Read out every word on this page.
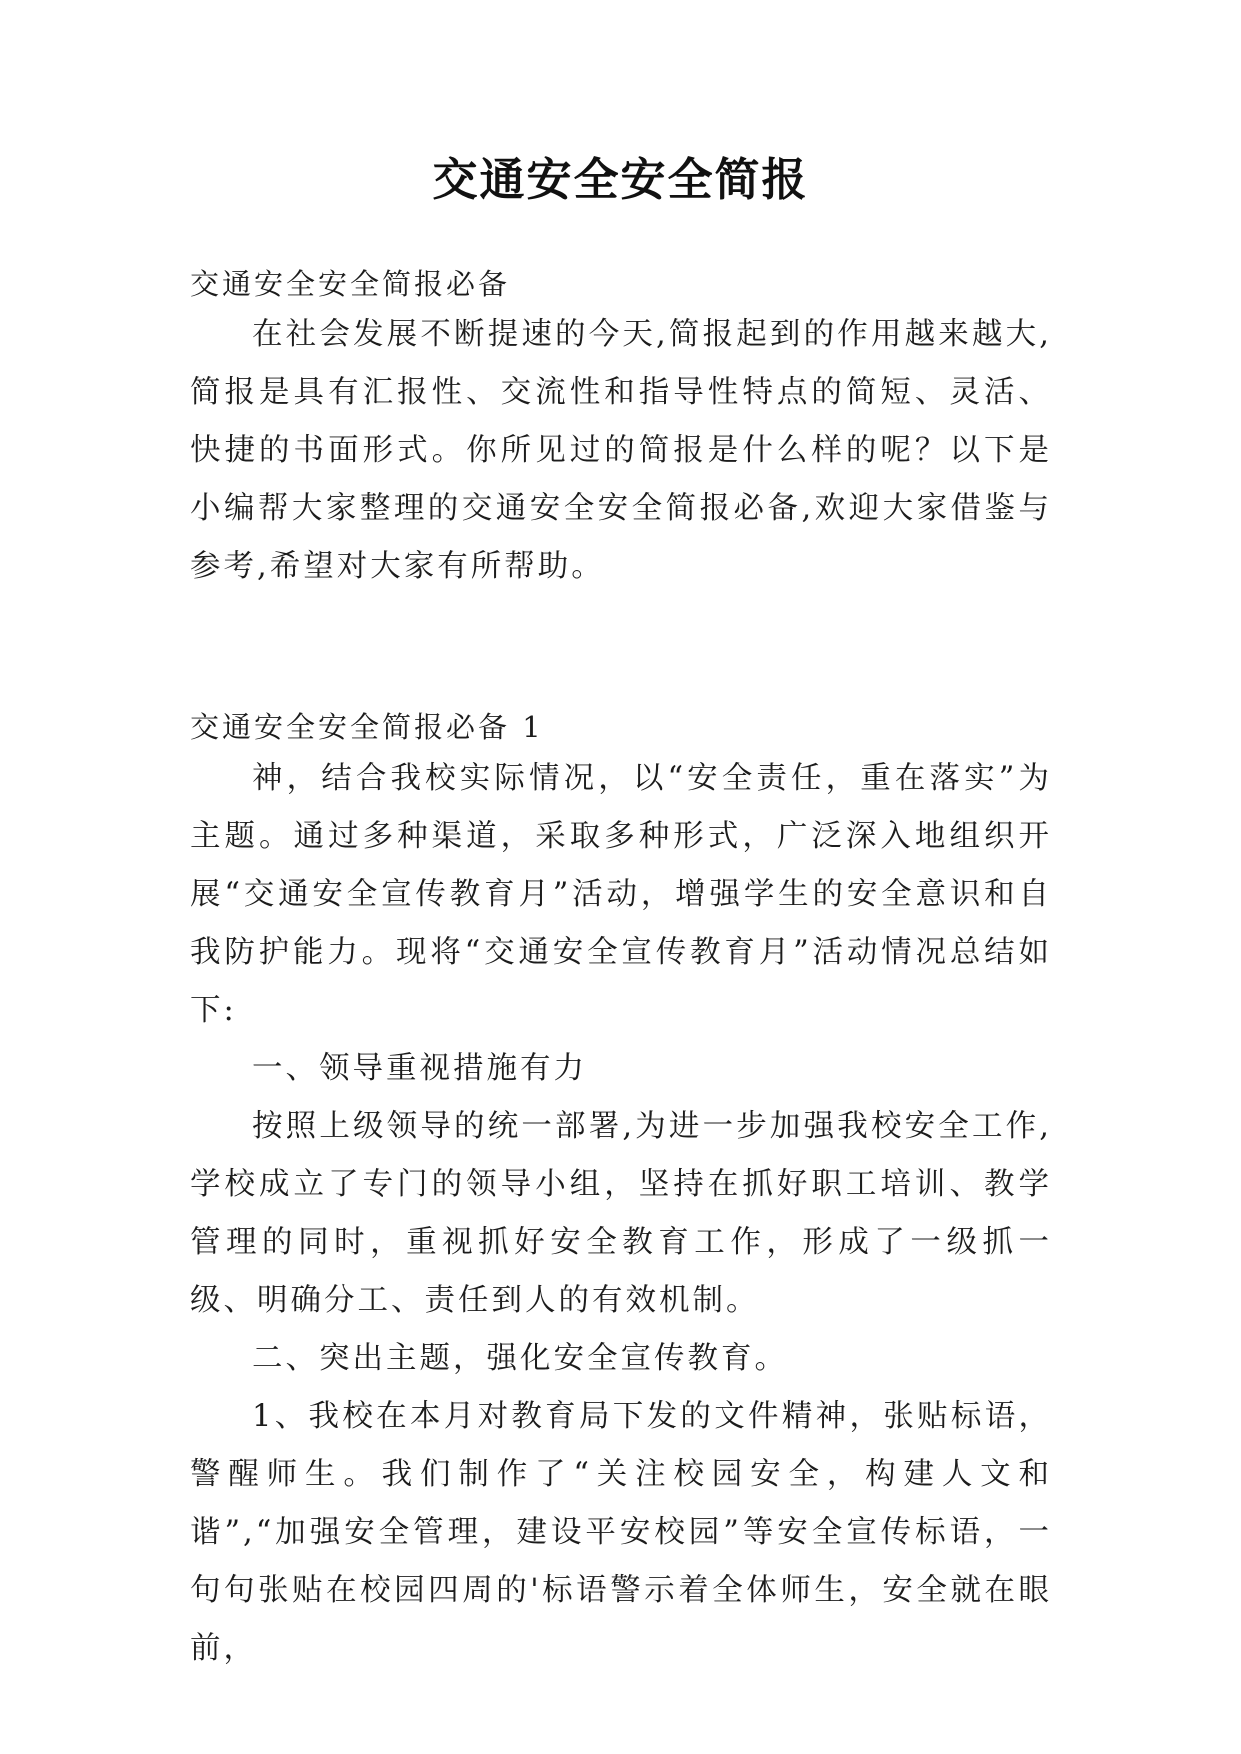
交通安全安全简报
交通安全安全简报必备

在社会发展不断提速的今天,简报起到的作用越来越大,简报是具有汇报性、交流性和指导性特点的简短、灵活、快捷的书面形式。你所见过的简报是什么样的呢？以下是小编帮大家整理的交通安全安全简报必备,欢迎大家借鉴与参考,希望对大家有所帮助。

交通安全安全简报必备 1

神，结合我校实际情况，以“安全责任，重在落实”为主题。通过多种渠道，采取多种形式，广泛深入地组织开展“交通安全宣传教育月”活动，增强学生的安全意识和自我防护能力。现将“交通安全宣传教育月”活动情况总结如下:

一、领导重视措施有力

按照上级领导的统一部署,为进一步加强我校安全工作,学校成立了专门的领导小组，坚持在抓好职工培训、教学管理的同时，重视抓好安全教育工作，形成了一级抓一级、明确分工、责任到人的有效机制。

二、突出主题，强化安全宣传教育。

1、我校在本月对教育局下发的文件精神，张贴标语，警醒师生。我们制作了“关注校园安全，构建人文和谐”,“加强安全管理，建设平安校园”等安全宣传标语，一句句张贴在校园四周的'标语警示着全体师生，安全就在眼前，
